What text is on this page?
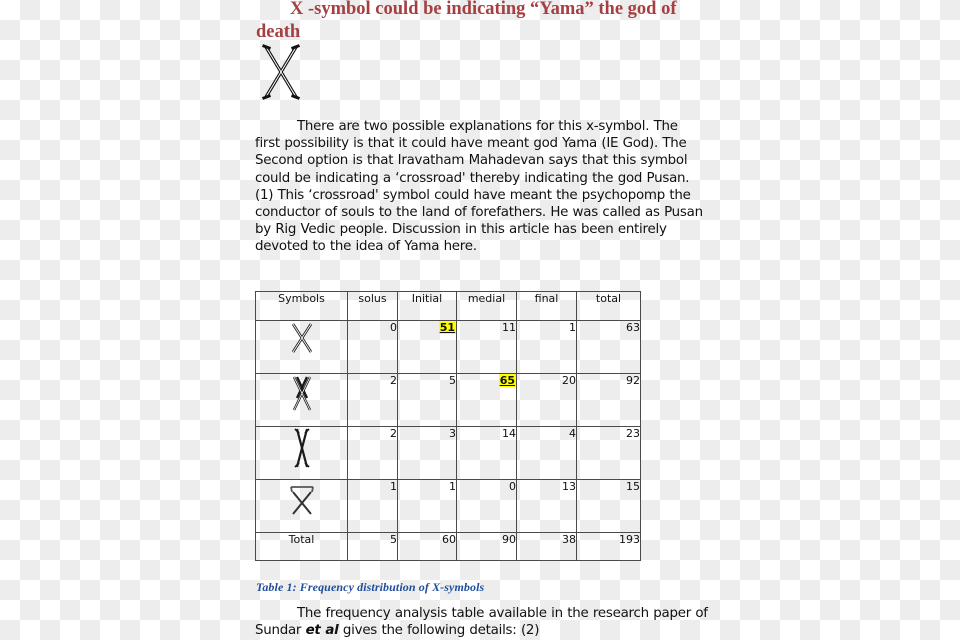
X -symbol could be indicating “Yama” the god of death
There are two possible explanations for this x-symbol. The first possibility is that it could have meant god Yama (IE God). The Second option is that Iravatham Mahadevan says that this symbol could be indicating a ‘crossroad' thereby indicating the god Pusan. (1) This ‘crossroad' symbol could have meant the psychopomp the conductor of souls to the land of forefathers. He was called as Pusan by Rig Vedic people. Discussion in this article has been entirely devoted to the idea of Yama here.
Symbols	solus	Initial	medial	final	total
	0	51	11	1	63
	2	5	65	20	92
	2	3	14	4	23
	1	1	0	13	15
Total	5	60	90	38	193
Table 1: Frequency distribution of X-symbols
The frequency analysis table available in the research paper of Sundar et al gives the following details: (2)
